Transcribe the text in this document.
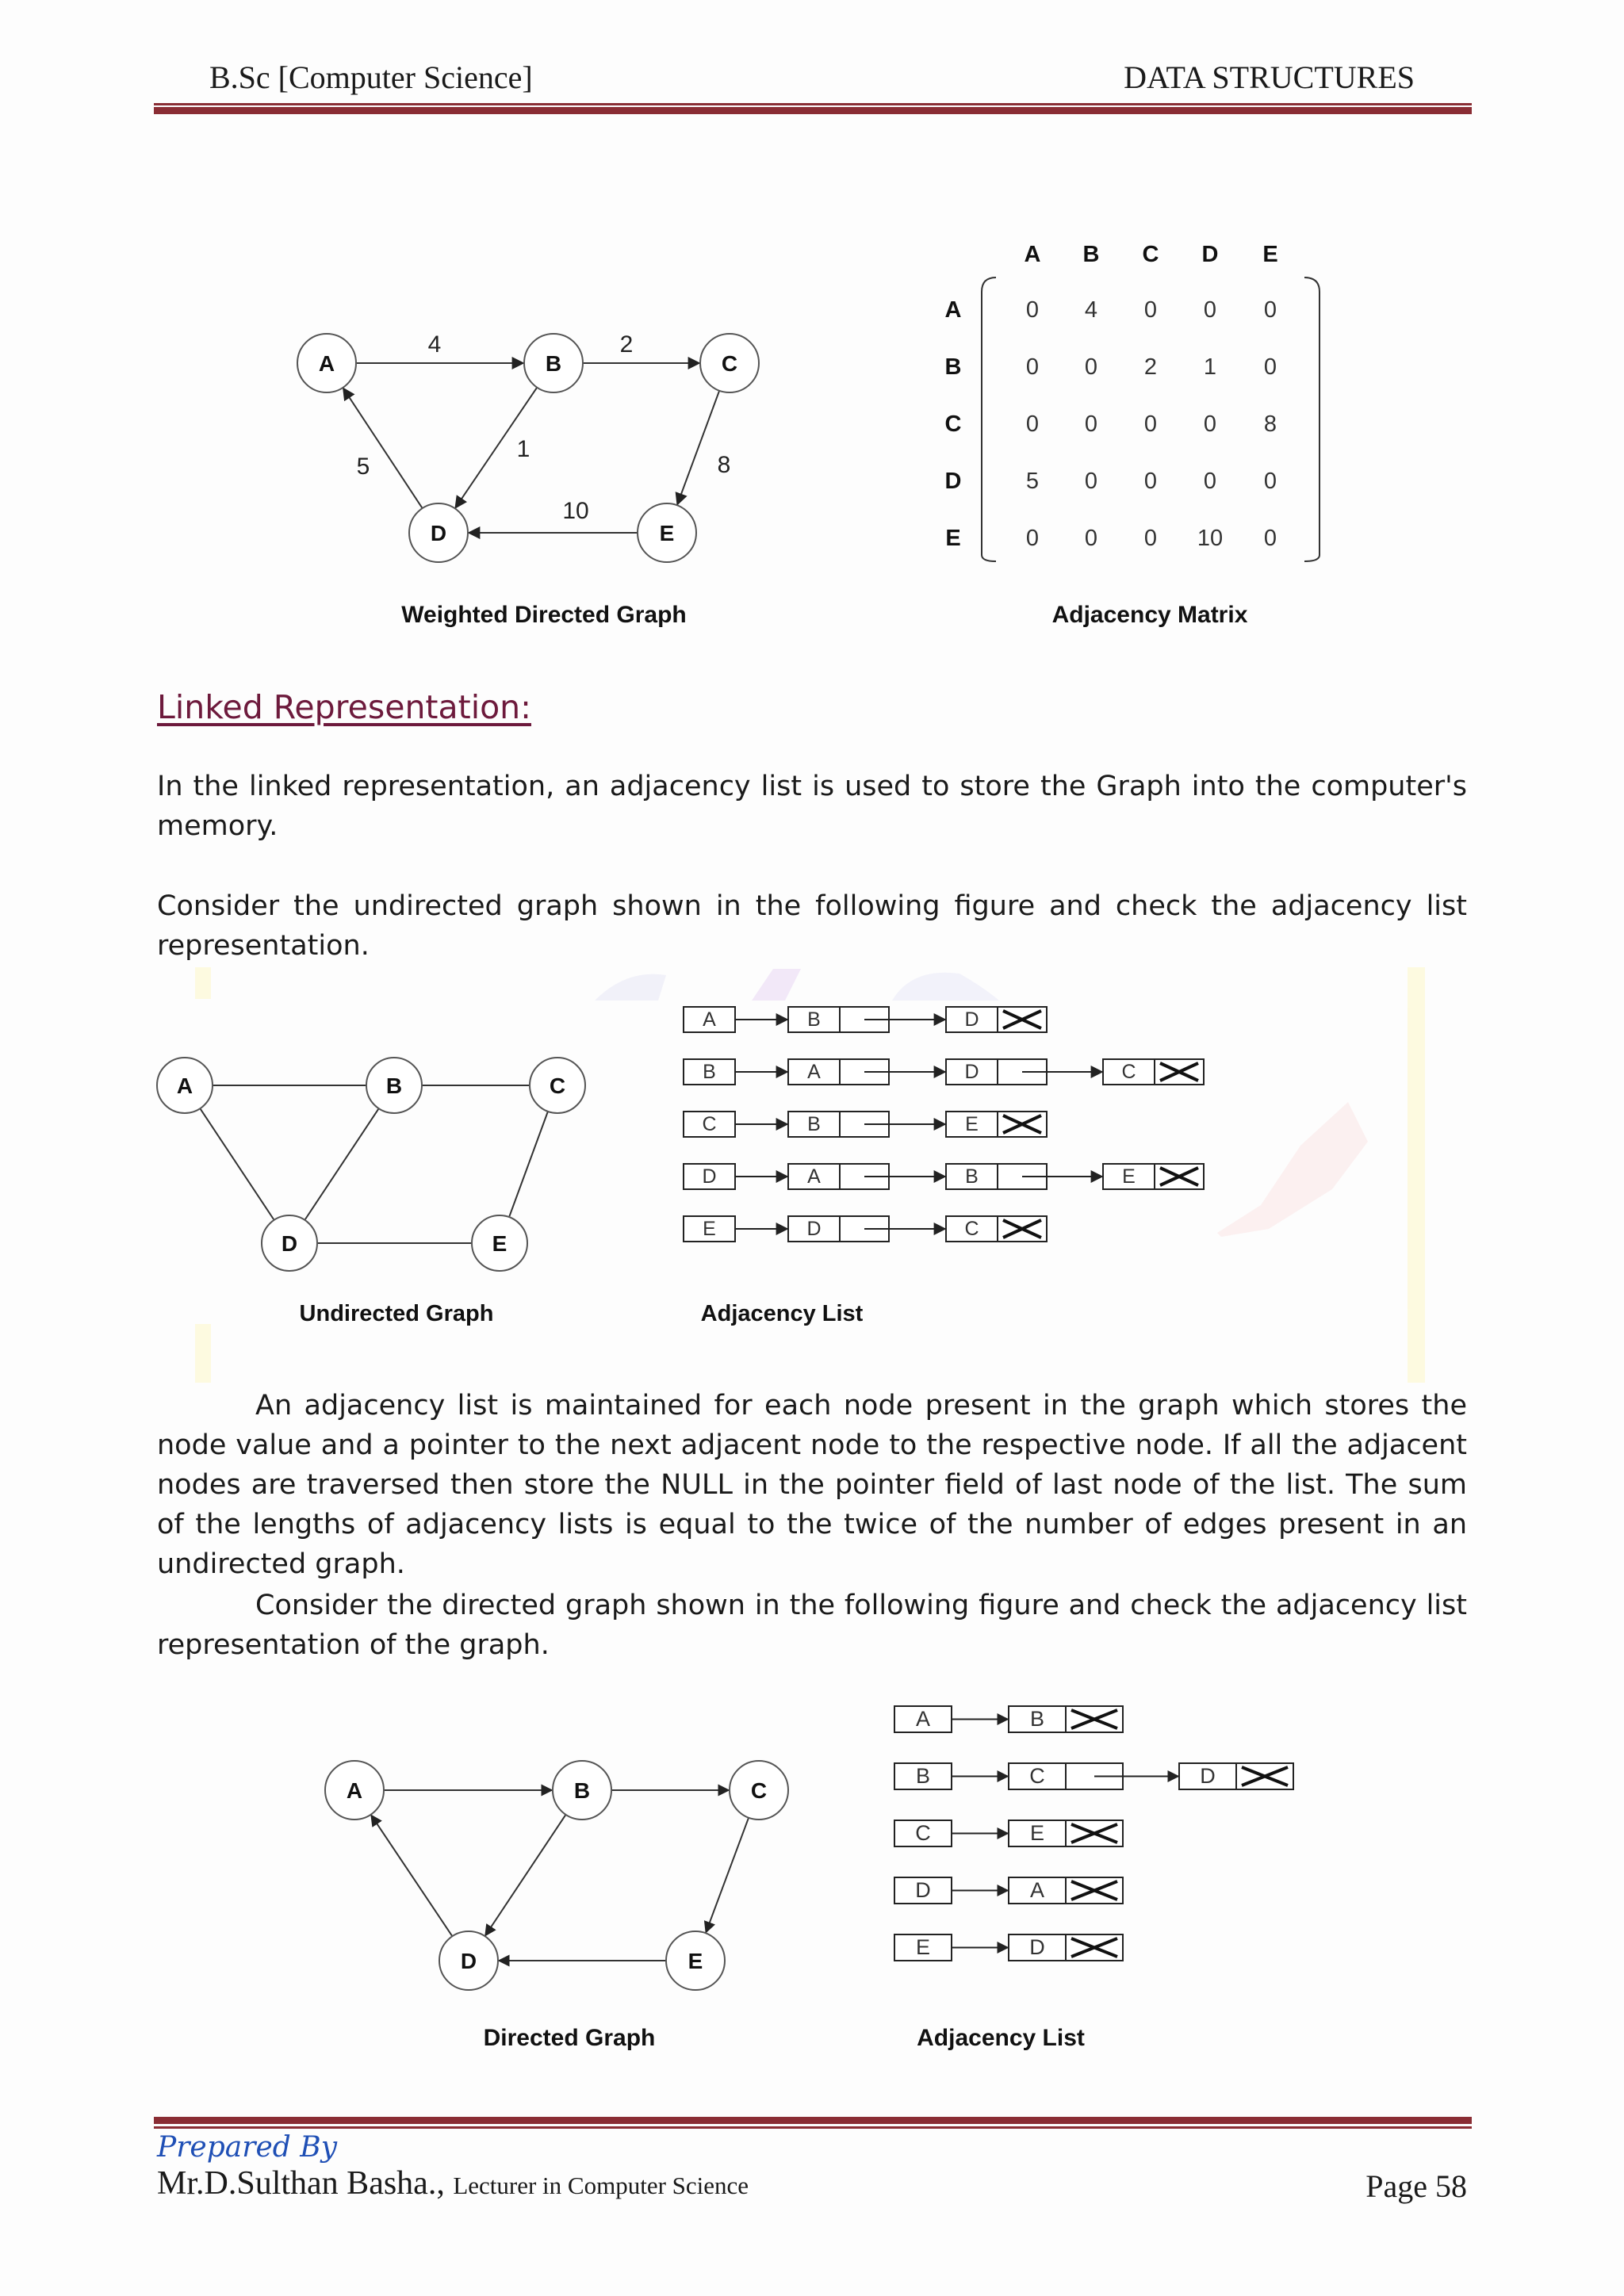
B.Sc [Computer Science]	DATA STRUCTURES
4	2
1
8
10
5
A	B	C
D	E
Weighted Directed Graph
A B C D E
A
B
C
D
E
0 4 0 0 0
0 0 2 1 0
0 0 0 0 8
5 0 0 0 0
0 0 0 10 0
Adjacency Matrix
Linked Representation:
In the linked representation, an adjacency list is used to store the Graph into the computer's memory.
Consider the undirected graph shown in the following figure and check the adjacency list representation.
A	B	C
D	E
Undirected Graph
A	B	D
B	A	D	C
C	B	E
D	A	B	E
E	D	C
Adjacency List
An adjacency list is maintained for each node present in the graph which stores the node value and a pointer to the next adjacent node to the respective node. If all the adjacent nodes are traversed then store the NULL in the pointer field of last node of the list. The sum of the lengths of adjacency lists is equal to the twice of the number of edges present in an undirected graph.
Consider the directed graph shown in the following figure and check the adjacency list representation of the graph.
A	B	C
D	E
Directed Graph
A	B
B	C	D
C	E
D	A
E	D
Adjacency List
Prepared By
Mr.D.Sulthan Basha., Lecturer in Computer Science	Page 58
